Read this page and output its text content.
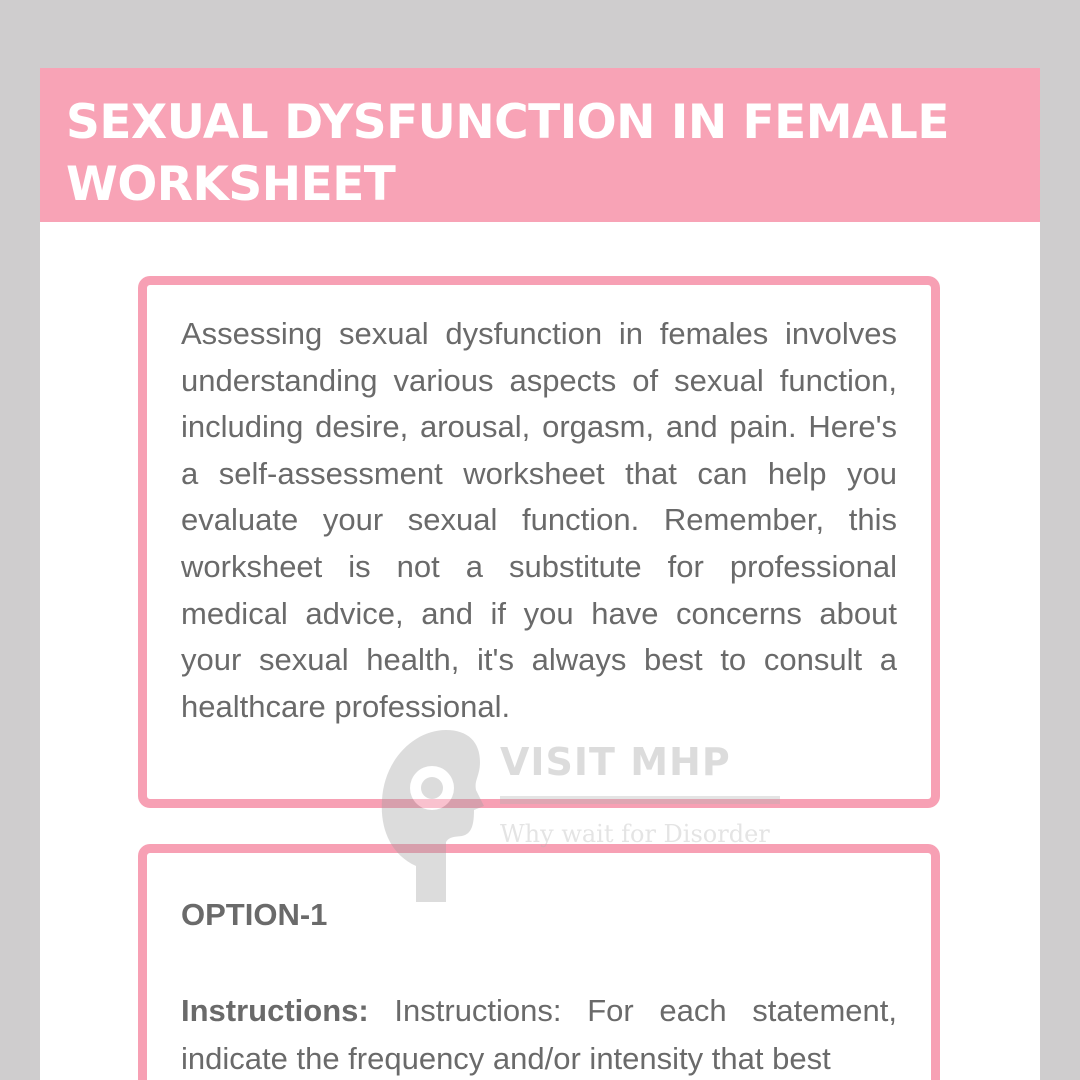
SEXUAL DYSFUNCTION IN FEMALE WORKSHEET

Assessing sexual dysfunction in females involves understanding various aspects of sexual function, including desire, arousal, orgasm, and pain. Here's a self-assessment worksheet that can help you evaluate your sexual function. Remember, this worksheet is not a substitute for professional medical advice, and if you have concerns about your sexual health, it's always best to consult a healthcare professional.

OPTION-1

Instructions: Instructions: For each statement, indicate the frequency and/or intensity that best

VISIT MHP
Why wait for Disorder
